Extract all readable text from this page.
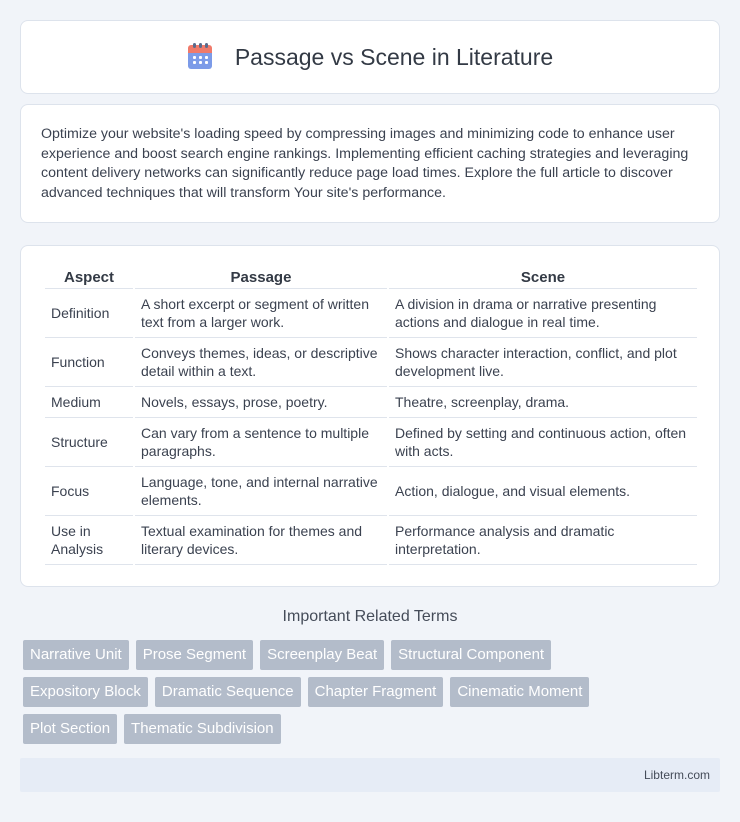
Passage vs Scene in Literature

Optimize your website's loading speed by compressing images and minimizing code to enhance user experience and boost search engine rankings. Implementing efficient caching strategies and leveraging content delivery networks can significantly reduce page load times. Explore the full article to discover advanced techniques that will transform Your site's performance.

Aspect	Passage	Scene
Definition	A short excerpt or segment of written text from a larger work.	A division in drama or narrative presenting actions and dialogue in real time.
Function	Conveys themes, ideas, or descriptive detail within a text.	Shows character interaction, conflict, and plot development live.
Medium	Novels, essays, prose, poetry.	Theatre, screenplay, drama.
Structure	Can vary from a sentence to multiple paragraphs.	Defined by setting and continuous action, often with acts.
Focus	Language, tone, and internal narrative elements.	Action, dialogue, and visual elements.
Use in Analysis	Textual examination for themes and literary devices.	Performance analysis and dramatic interpretation.
Important Related Terms
Narrative Unit	Prose Segment	Screenplay Beat	Structural Component
Expository Block	Dramatic Sequence	Chapter Fragment	Cinematic Moment
Plot Section	Thematic Subdivision
Libterm.com
